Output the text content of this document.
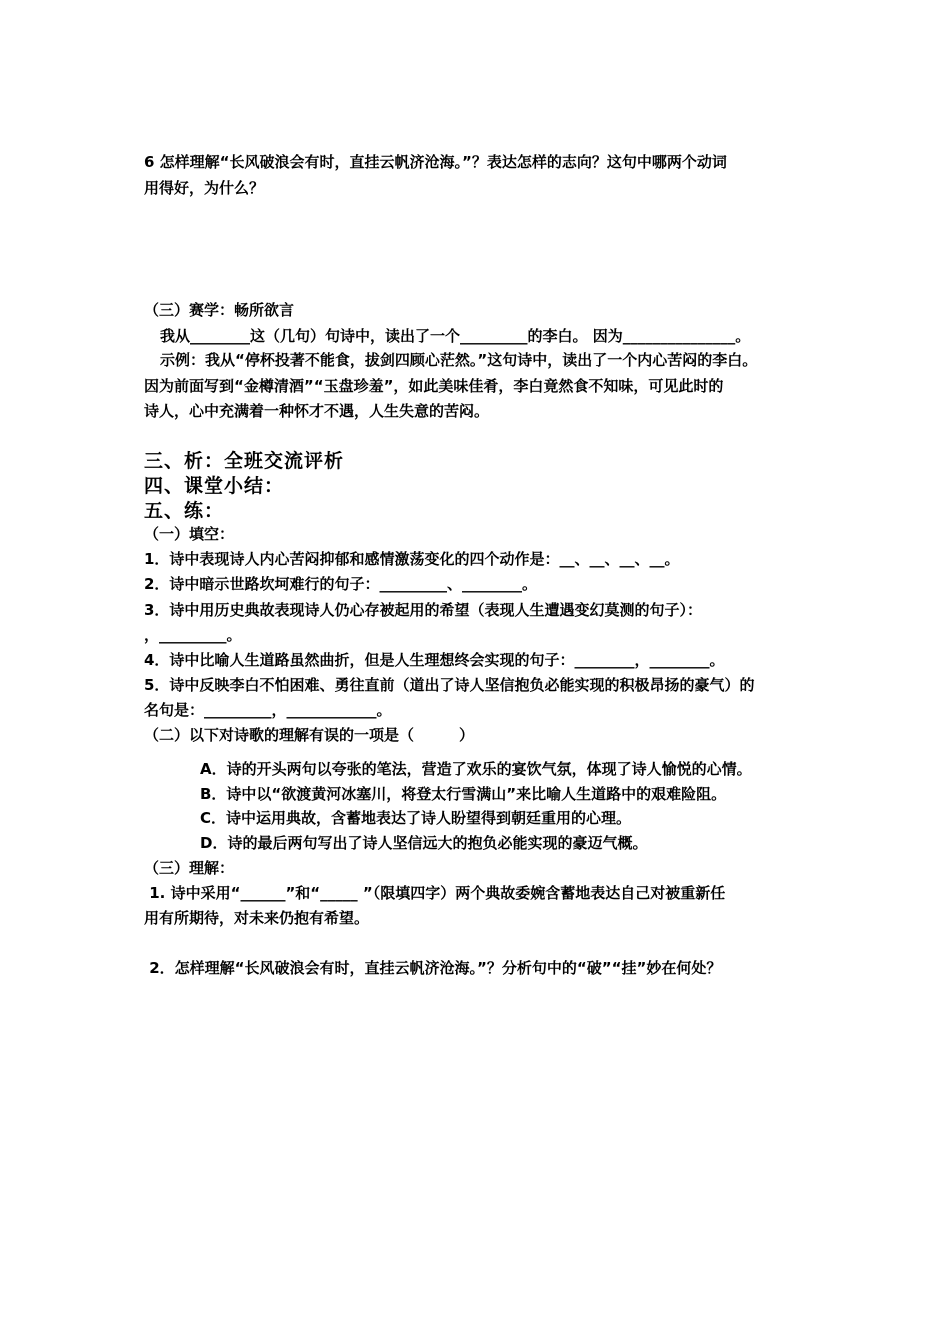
6 怎样理解“长风破浪会有时，直挂云帆济沧海。”？表达怎样的志向？这句中哪两个动词
用得好，为什么？
（三）赛学：畅所欲言
我从________这（几句）句诗中，读出了一个_________的李白。 因为_______________。
示例：我从“停杯投著不能食，拔剑四顾心茫然。”这句诗中，读出了一个内心苦闷的李白。
因为前面写到“金樽清酒”“玉盘珍羞”，如此美味佳肴，李白竟然食不知味，可见此时的
诗人，心中充满着一种怀才不遇，人生失意的苦闷。
三、析：全班交流评析
四、课堂小结：
五、练：
（一）填空：
1．诗中表现诗人内心苦闷抑郁和感情激荡变化的四个动作是：__、__、__、__。
2．诗中暗示世路坎坷难行的句子：_________、________。
3．诗中用历史典故表现诗人仍心存被起用的希望（表现人生遭遇变幻莫测的句子）：
，_________。
4．诗中比喻人生道路虽然曲折，但是人生理想终会实现的句子：________，________。
5．诗中反映李白不怕困难、勇往直前（道出了诗人坚信抱负必能实现的积极昂扬的豪气）的
名句是：_________，____________。
（二）以下对诗歌的理解有误的一项是（　　　）
A．诗的开头两句以夸张的笔法，营造了欢乐的宴饮气氛，体现了诗人愉悦的心情。
B．诗中以“欲渡黄河冰塞川，将登太行雪满山”来比喻人生道路中的艰难险阻。
C．诗中运用典故，含蓄地表达了诗人盼望得到朝廷重用的心理。
D．诗的最后两句写出了诗人坚信远大的抱负必能实现的豪迈气概。
（三）理解：
1. 诗中采用“______”和“_____ ”（限填四字）两个典故委婉含蓄地表达自己对被重新任
用有所期待，对未来仍抱有希望。
2．怎样理解“长风破浪会有时，直挂云帆济沧海。”？分析句中的“破”“挂”妙在何处？
